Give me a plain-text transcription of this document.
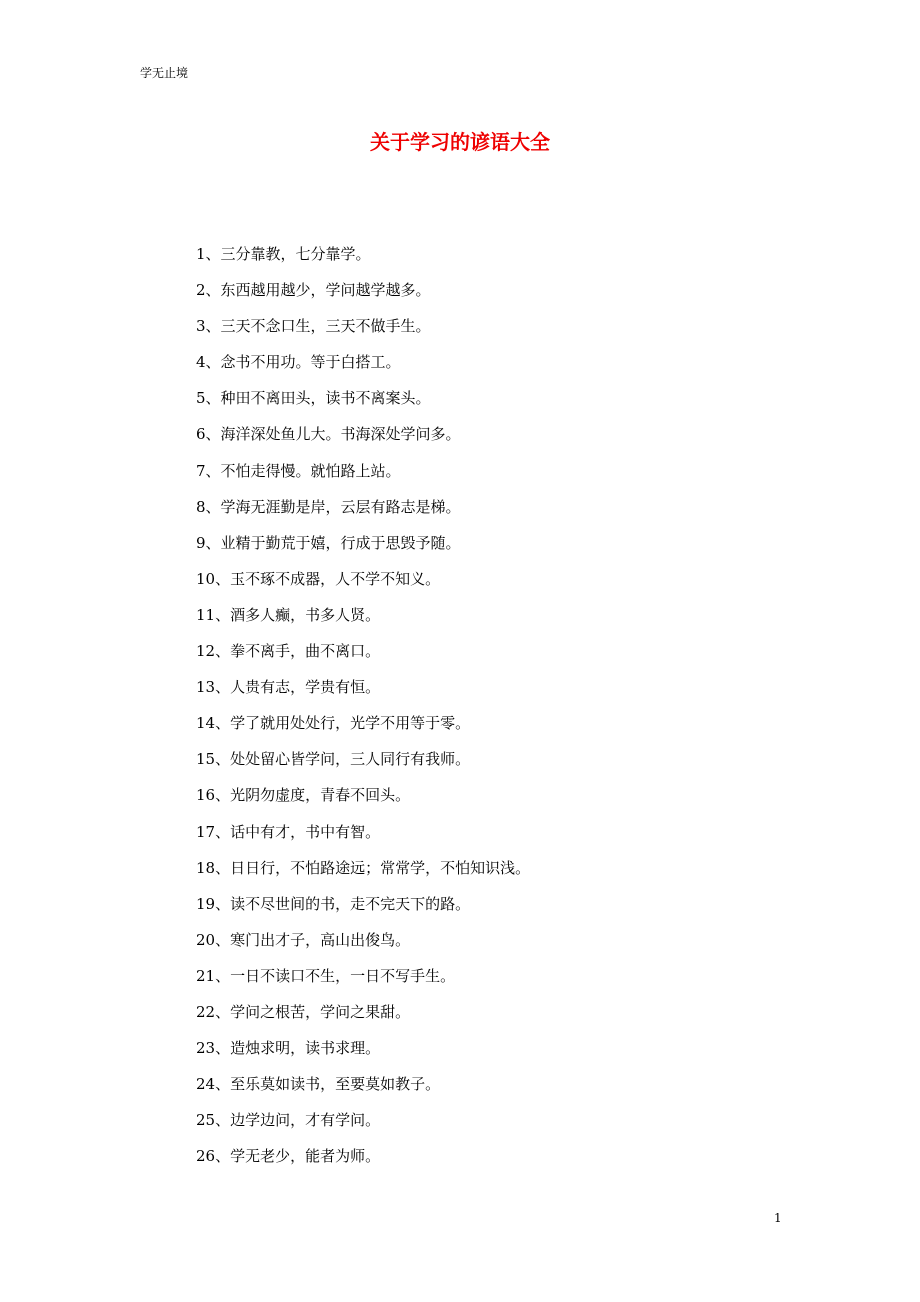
学无止境
关于学习的谚语大全
1、三分靠教，七分靠学。
2、东西越用越少，学问越学越多。
3、三天不念口生，三天不做手生。
4、念书不用功。等于白搭工。
5、种田不离田头，读书不离案头。
6、海洋深处鱼儿大。书海深处学问多。
7、不怕走得慢。就怕路上站。
8、学海无涯勤是岸，云层有路志是梯。
9、业精于勤荒于嬉，行成于思毁予随。
10、玉不琢不成器，人不学不知义。
11、酒多人癫，书多人贤。
12、拳不离手，曲不离口。
13、人贵有志，学贵有恒。
14、学了就用处处行，光学不用等于零。
15、处处留心皆学问，三人同行有我师。
16、光阴勿虚度，青春不回头。
17、话中有才，书中有智。
18、日日行，不怕路途远；常常学，不怕知识浅。
19、读不尽世间的书，走不完天下的路。
20、寒门出才子，高山出俊鸟。
21、一日不读口不生，一日不写手生。
22、学问之根苦，学问之果甜。
23、造烛求明，读书求理。
24、至乐莫如读书，至要莫如教子。
25、边学边问，才有学问。
26、学无老少，能者为师。
1
